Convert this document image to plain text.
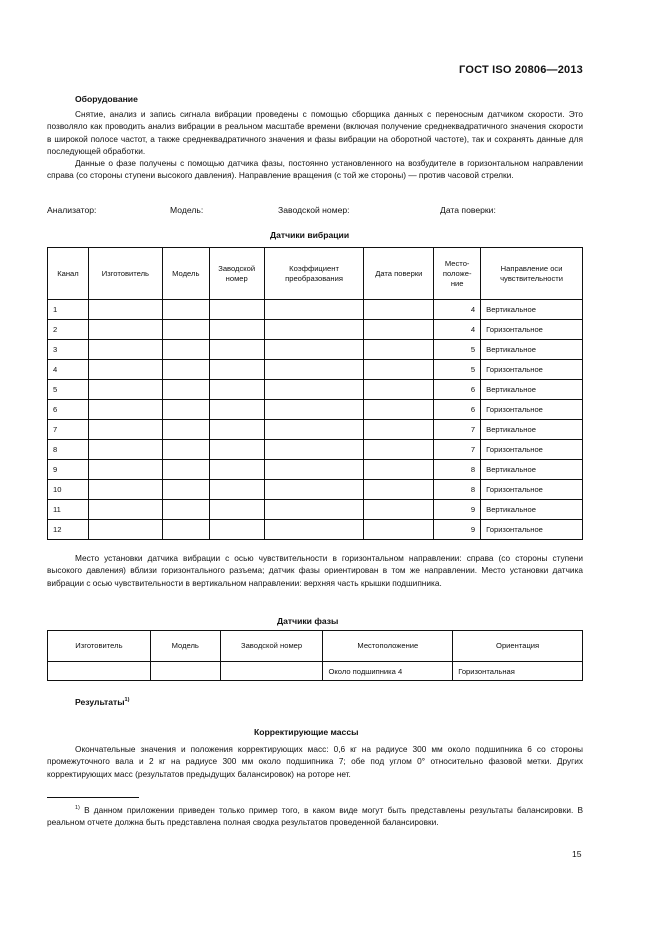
ГОСТ ISO 20806—2013
Оборудование

Снятие, анализ и запись сигнала вибрации проведены с помощью сборщика данных с переносным датчиком скорости. Это позволяло как проводить анализ вибрации в реальном масштабе времени (включая получение среднеквадратичного значения скорости в широкой полосе частот, а также среднеквадратичного значения и фазы вибрации на оборотной частоте), так и сохранять данные для последующей обработки.

Данные о фазе получены с помощью датчика фазы, постоянно установленного на возбудителе в горизонтальном направлении справа (со стороны ступени высокого давления). Направление вращения (с той же стороны) — против часовой стрелки.

Анализатор:	Модель:	Заводской номер:	Дата поверки:
Датчики вибрации
Канал	Изготовитель	Модель	Заводской номер	Коэффициент преобразования	Дата поверки	Место-положе-ние	Направление оси чувствительности
1						4	Вертикальное
2						4	Горизонтальное
3						5	Вертикальное
4						5	Горизонтальное
5						6	Вертикальное
6						6	Горизонтальное
7						7	Вертикальное
8						7	Горизонтальное
9						8	Вертикальное
10						8	Горизонтальное
11						9	Вертикальное
12						9	Горизонтальное

Место установки датчика вибрации с осью чувствительности в горизонтальном направлении: справа (со стороны ступени высокого давления) вблизи горизонтального разъема; датчик фазы ориентирован в том же направлении. Место установки датчика вибрации с осью чувствительности в вертикальном направлении: верхняя часть крышки подшипника.

Датчики фазы
Изготовитель	Модель	Заводской номер	Местоположение	Ориентация
			Около подшипника 4	Горизонтальная
Результаты$^{1)}$
Корректирующие массы

Окончательные значения и положения корректирующих масс: 0,6 кг на радиусе 300 мм около подшипника 6 со стороны промежуточного вала и 2 кг на радиусе 300 мм около подшипника 7; обе под углом 0° относительно фазовой метки. Других корректирующих масс (результатов предыдущих балансировок) на роторе нет.

$^{1)}$ В данном приложении приведен только пример того, в каком виде могут быть представлены результаты балансировки. В реальном отчете должна быть представлена полная сводка результатов проведенной балансировки.

15
